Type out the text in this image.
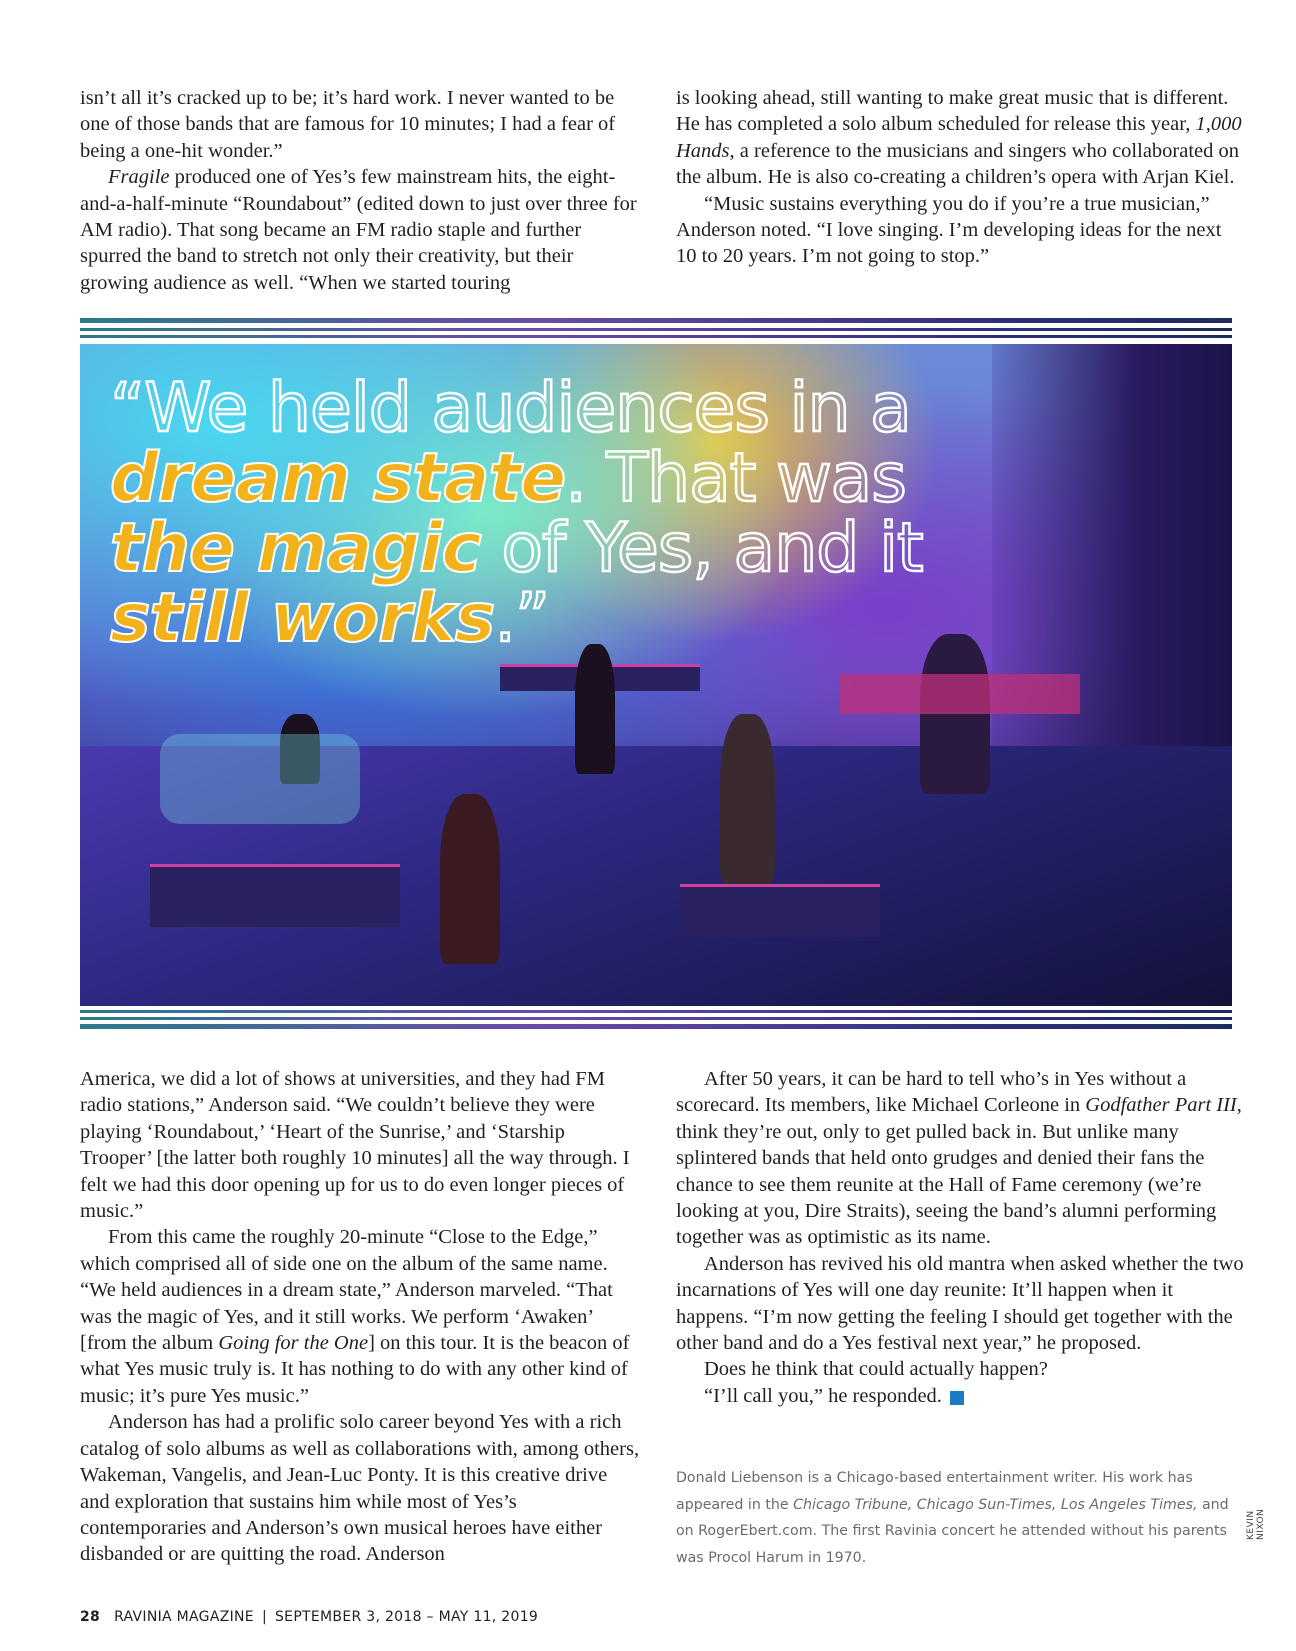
isn’t all it’s cracked up to be; it’s hard work. I never wanted to be one of those bands that are famous for 10 minutes; I had a fear of being a one-hit wonder.”

Fragile produced one of Yes’s few mainstream hits, the eight-and-a-half-minute “Roundabout” (edited down to just over three for AM radio). That song became an FM radio staple and further spurred the band to stretch not only their creativity, but their growing audience as well. “When we started touring

is looking ahead, still wanting to make great music that is different. He has completed a solo album scheduled for release this year, 1,000 Hands, a reference to the musicians and singers who collaborated on the album. He is also co-creating a children’s opera with Arjan Kiel.

“Music sustains everything you do if you’re a true musician,” Anderson noted. “I love singing. I’m developing ideas for the next 10 to 20 years. I’m not going to stop.”

“We held audiences in a dream state. That was the magic of Yes, and it still works.”

America, we did a lot of shows at universities, and they had FM radio stations,” Anderson said. “We couldn’t believe they were playing ‘Roundabout,’ ‘Heart of the Sunrise,’ and ‘Starship Trooper’ [the latter both roughly 10 minutes] all the way through. I felt we had this door opening up for us to do even longer pieces of music.”

From this came the roughly 20-minute “Close to the Edge,” which comprised all of side one on the album of the same name. “We held audiences in a dream state,” Anderson marveled. “That was the magic of Yes, and it still works. We perform ‘Awaken’ [from the album Going for the One] on this tour. It is the beacon of what Yes music truly is. It has nothing to do with any other kind of music; it’s pure Yes music.”

Anderson has had a prolific solo career beyond Yes with a rich catalog of solo albums as well as collaborations with, among others, Wakeman, Vangelis, and Jean-Luc Ponty. It is this creative drive and exploration that sustains him while most of Yes’s contemporaries and Anderson’s own musical heroes have either disbanded or are quitting the road. Anderson

After 50 years, it can be hard to tell who’s in Yes without a scorecard. Its members, like Michael Corleone in Godfather Part III, think they’re out, only to get pulled back in. But unlike many splintered bands that held onto grudges and denied their fans the chance to see them reunite at the Hall of Fame ceremony (we’re looking at you, Dire Straits), seeing the band’s alumni performing together was as optimistic as its name.

Anderson has revived his old mantra when asked whether the two incarnations of Yes will one day reunite: It’ll happen when it happens. “I’m now getting the feeling I should get together with the other band and do a Yes festival next year,” he proposed.

Does he think that could actually happen?

“I’ll call you,” he responded.	R

Donald Liebenson is a Chicago-based entertainment writer. His work has appeared in the Chicago Tribune, Chicago Sun-Times, Los Angeles Times, and on RogerEbert.com. The first Ravinia concert he attended without his parents was Procol Harum in 1970.
KEVIN NIXON
28 RAVINIA MAGAZINE | SEPTEMBER 3, 2018 – MAY 11, 2019
